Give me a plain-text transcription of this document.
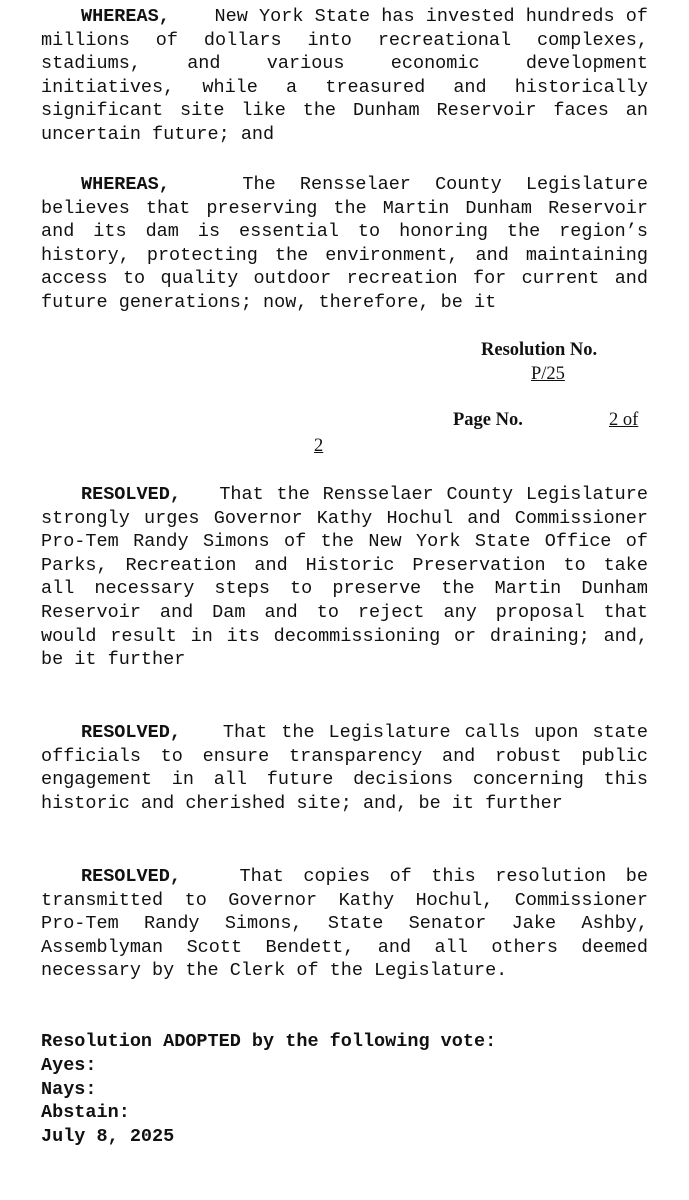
WHEREAS, New York State has invested hundreds of millions of dollars into recreational complexes, stadiums, and various economic development initiatives, while a treasured and historically significant site like the Dunham Reservoir faces an uncertain future; and

WHEREAS,	The Rensselaer County Legislature believes that preserving the Martin Dunham Reservoir and its dam is essential to honoring the region’s history, protecting the environment, and maintaining access to quality outdoor recreation for current and future generations; now, therefore, be it

Resolution No.
P/25
Page No.	2 of
2

RESOLVED, That the Rensselaer County Legislature strongly urges Governor Kathy Hochul and Commissioner Pro-Tem Randy Simons of the New York State Office of Parks, Recreation and Historic Preservation to take all necessary steps to preserve the Martin Dunham Reservoir and Dam and to reject any proposal that would result in its decommissioning or draining; and, be it further

RESOLVED, That the Legislature calls upon state officials to ensure transparency and robust public engagement in all future decisions concerning this historic and cherished site; and, be it further

RESOLVED,	That copies of this resolution be transmitted to Governor Kathy Hochul, Commissioner Pro-Tem Randy Simons, State Senator Jake Ashby, Assemblyman Scott Bendett, and all others deemed necessary by the Clerk of the Legislature.

Resolution ADOPTED by the following vote:

Ayes:

Nays:

Abstain:

July 8, 2025
